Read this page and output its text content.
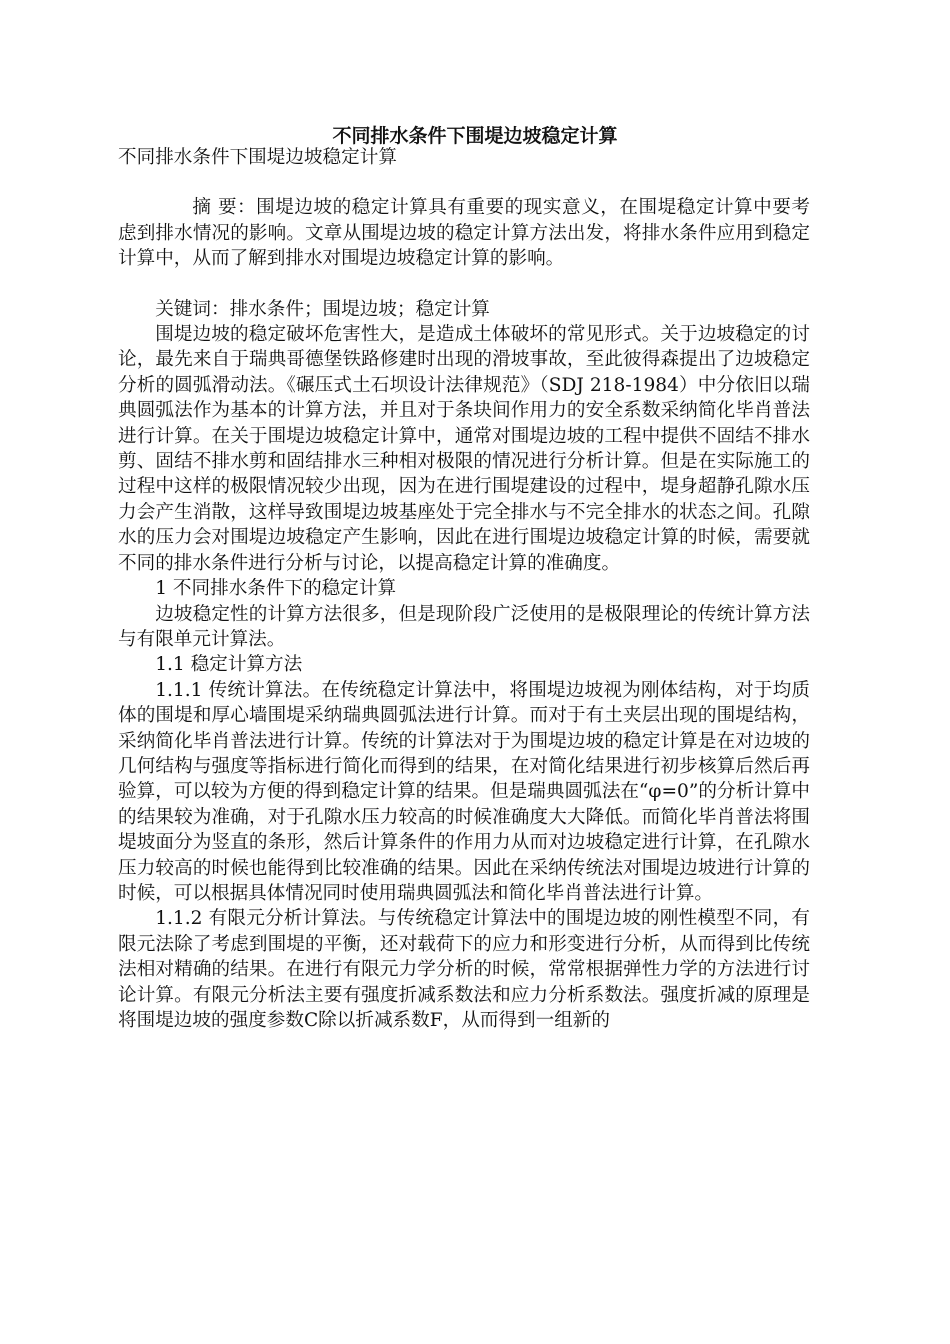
不同排水条件下围堤边坡稳定计算

不同排水条件下围堤边坡稳定计算

摘 要：围堤边坡的稳定计算具有重要的现实意义，在围堤稳定计算中要考虑到排水情况的影响。文章从围堤边坡的稳定计算方法出发，将排水条件应用到稳定计算中，从而了解到排水对围堤边坡稳定计算的影响。

关键词：排水条件；围堤边坡；稳定计算

围堤边坡的稳定破坏危害性大，是造成土体破坏的常见形式。关于边坡稳定的讨论，最先来自于瑞典哥德堡铁路修建时出现的滑坡事故，至此彼得森提出了边坡稳定分析的圆弧滑动法。《碾压式土石坝设计法律规范》（SDJ 218-1984）中分依旧以瑞典圆弧法作为基本的计算方法，并且对于条块间作用力的安全系数采纳简化毕肖普法进行计算。在关于围堤边坡稳定计算中，通常对围堤边坡的工程中提供不固结不排水剪、固结不排水剪和固结排水三种相对极限的情况进行分析计算。但是在实际施工的过程中这样的极限情况较少出现，因为在进行围堤建设的过程中，堤身超静孔隙水压力会产生消散，这样导致围堤边坡基座处于完全排水与不完全排水的状态之间。孔隙水的压力会对围堤边坡稳定产生影响，因此在进行围堤边坡稳定计算的时候，需要就不同的排水条件进行分析与讨论，以提高稳定计算的准确度。

1 不同排水条件下的稳定计算

边坡稳定性的计算方法很多，但是现阶段广泛使用的是极限理论的传统计算方法与有限单元计算法。

1.1 稳定计算方法

1.1.1 传统计算法。在传统稳定计算法中，将围堤边坡视为刚体结构，对于均质体的围堤和厚心墙围堤采纳瑞典圆弧法进行计算。而对于有土夹层出现的围堤结构，采纳简化毕肖普法进行计算。传统的计算法对于为围堤边坡的稳定计算是在对边坡的几何结构与强度等指标进行简化而得到的结果，在对简化结果进行初步核算后然后再验算，可以较为方便的得到稳定计算的结果。但是瑞典圆弧法在“φ=0”的分析计算中的结果较为准确，对于孔隙水压力较高的时候准确度大大降低。而简化毕肖普法将围堤坡面分为竖直的条形，然后计算条件的作用力从而对边坡稳定进行计算，在孔隙水压力较高的时候也能得到比较准确的结果。因此在采纳传统法对围堤边坡进行计算的时候，可以根据具体情况同时使用瑞典圆弧法和简化毕肖普法进行计算。

1.1.2 有限元分析计算法。与传统稳定计算法中的围堤边坡的刚性模型不同，有限元法除了考虑到围堤的平衡，还对载荷下的应力和形变进行分析，从而得到比传统法相对精确的结果。在进行有限元力学分析的时候，常常根据弹性力学的方法进行讨论计算。有限元分析法主要有强度折减系数法和应力分析系数法。强度折减的原理是将围堤边坡的强度参数C除以折减系数F，从而得到一组新的
